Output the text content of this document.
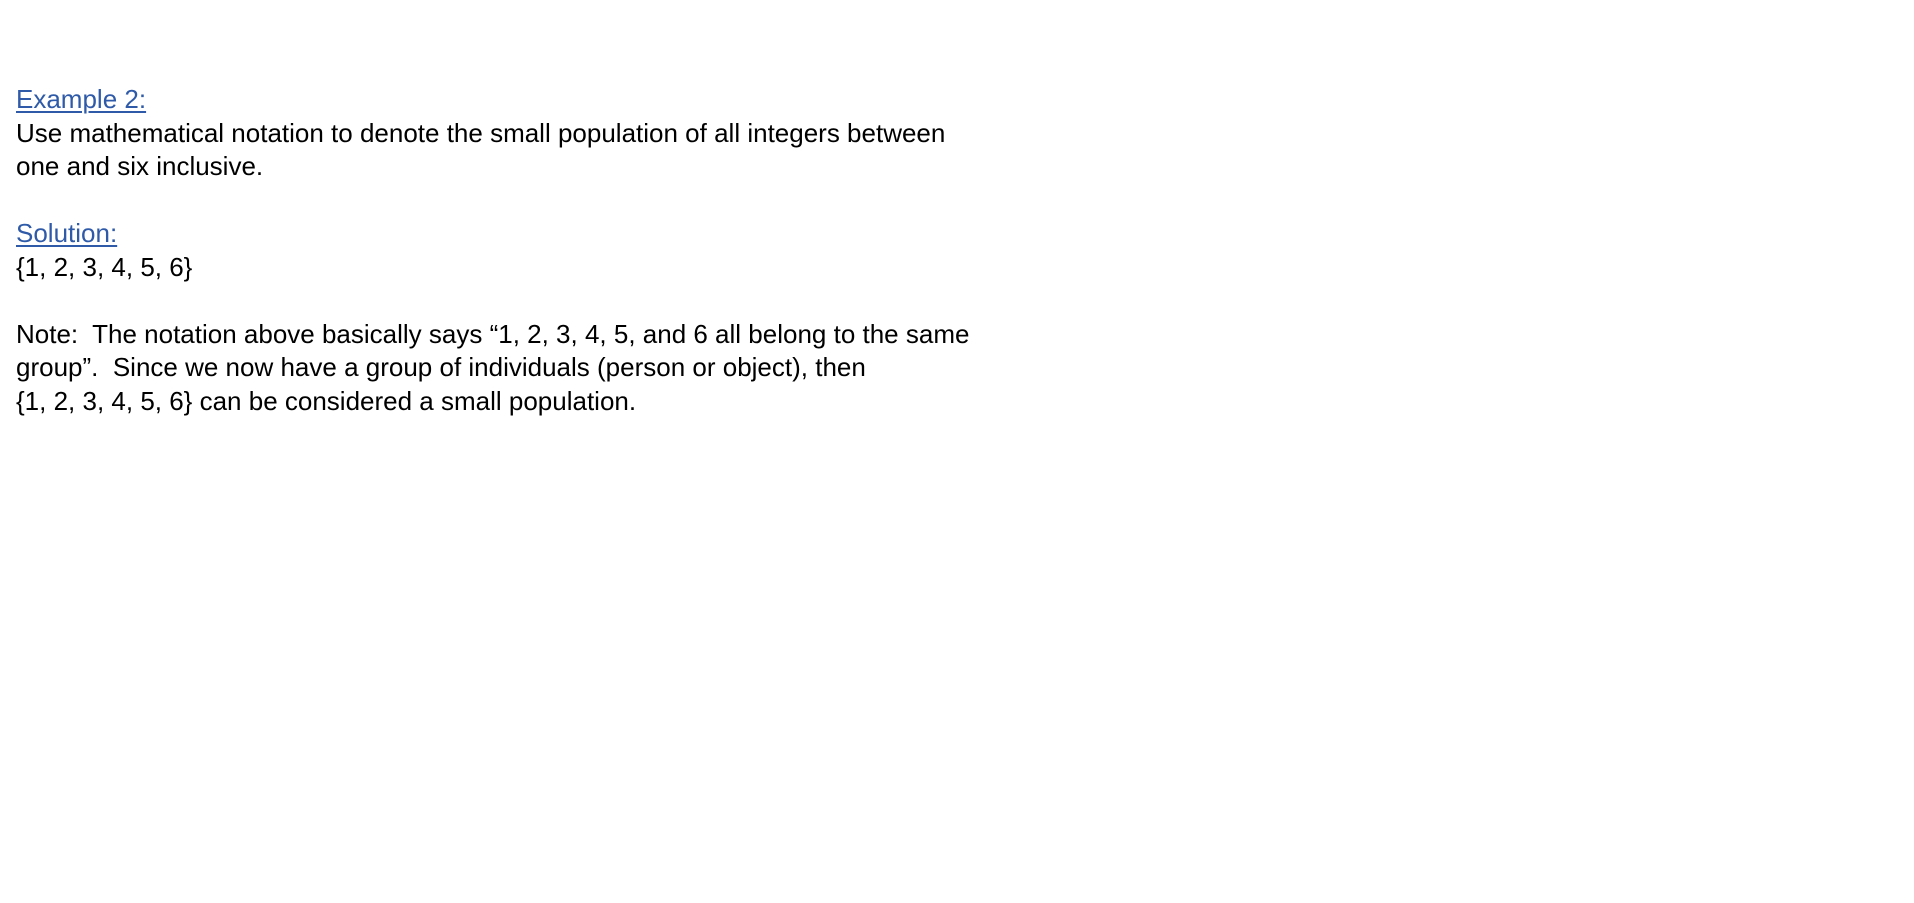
Example 2:
Use mathematical notation to denote the small population of all integers between
one and six inclusive.
Solution:
{1, 2, 3, 4, 5, 6}
Note:  The notation above basically says “1, 2, 3, 4, 5, and 6 all belong to the same
group”.  Since we now have a group of individuals (person or object), then
{1, 2, 3, 4, 5, 6} can be considered a small population.
